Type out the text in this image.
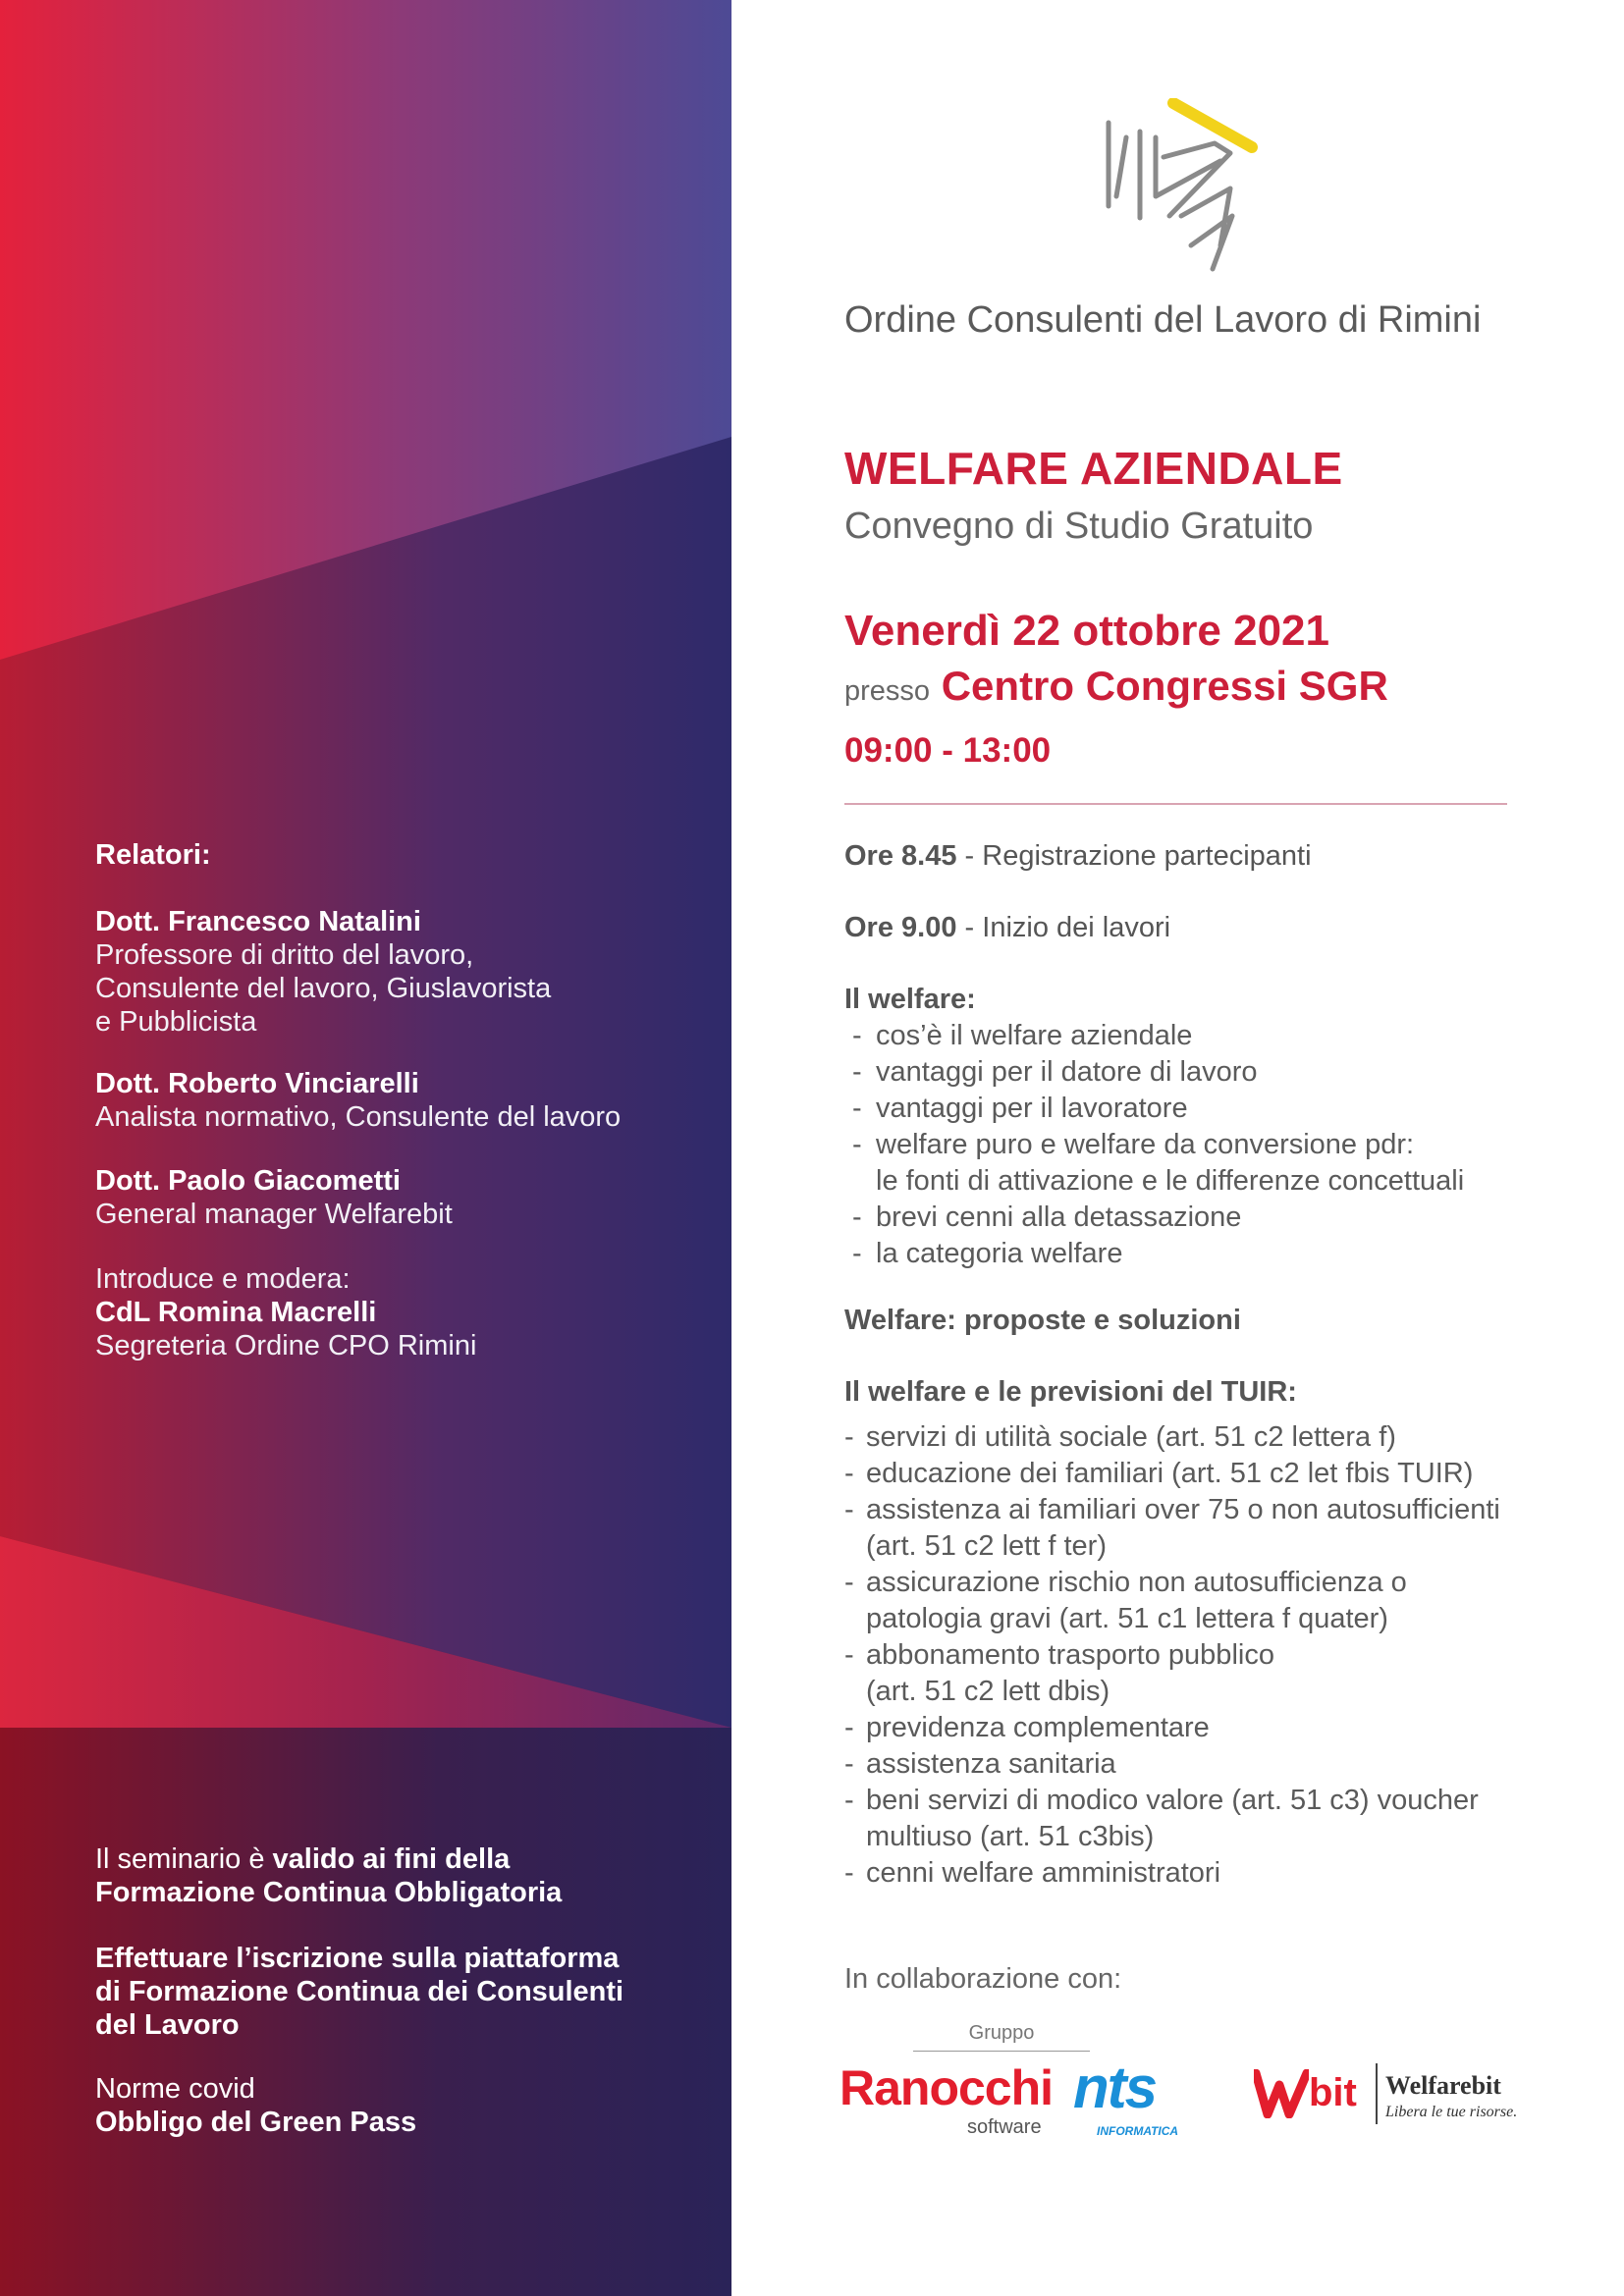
Relatori:
Dott. Francesco Natalini
Professore di dritto del lavoro,
Consulente del lavoro, Giuslavorista
e Pubblicista
Dott. Roberto Vinciarelli
Analista normativo, Consulente del lavoro
Dott. Paolo Giacometti
General manager Welfarebit
Introduce e modera:
CdL Romina Macrelli
Segreteria Ordine CPO Rimini
Il seminario è valido ai fini della
Formazione Continua Obbligatoria
Effettuare l’iscrizione sulla piattaforma
di Formazione Continua dei Consulenti
del Lavoro
Norme covid
Obbligo del Green Pass
Ordine Consulenti del Lavoro di Rimini
WELFARE AZIENDALE
Convegno di Studio Gratuito
Venerdì 22 ottobre 2021
presso Centro Congressi SGR
09:00 - 13:00
Ore 8.45 - Registrazione partecipanti
Ore 9.00 - Inizio dei lavori
Il welfare:
- cos’è il welfare aziendale
- vantaggi per il datore di lavoro
- vantaggi per il lavoratore
- welfare puro e welfare da conversione pdr:
le fonti di attivazione e le differenze concettuali
- brevi cenni alla detassazione
- la categoria welfare
Welfare: proposte e soluzioni
Il welfare e le previsioni del TUIR:
- servizi di utilità sociale (art. 51 c2 lettera f)
- educazione dei familiari (art. 51 c2 let fbis TUIR)
- assistenza ai familiari over 75 o non autosufficienti
(art. 51 c2 lett f ter)
- assicurazione rischio non autosufficienza o
patologia gravi (art. 51 c1 lettera f quater)
- abbonamento trasporto pubblico
(art. 51 c2 lett dbis)
- previdenza complementare
- assistenza sanitaria
- beni servizi di modico valore (art. 51 c3) voucher
multiuso (art. 51 c3bis)
- cenni welfare amministratori
In collaborazione con:
Gruppo
Ranocchi
software
nts
INFORMATICA
bit Welfarebit
Libera le tue risorse.
